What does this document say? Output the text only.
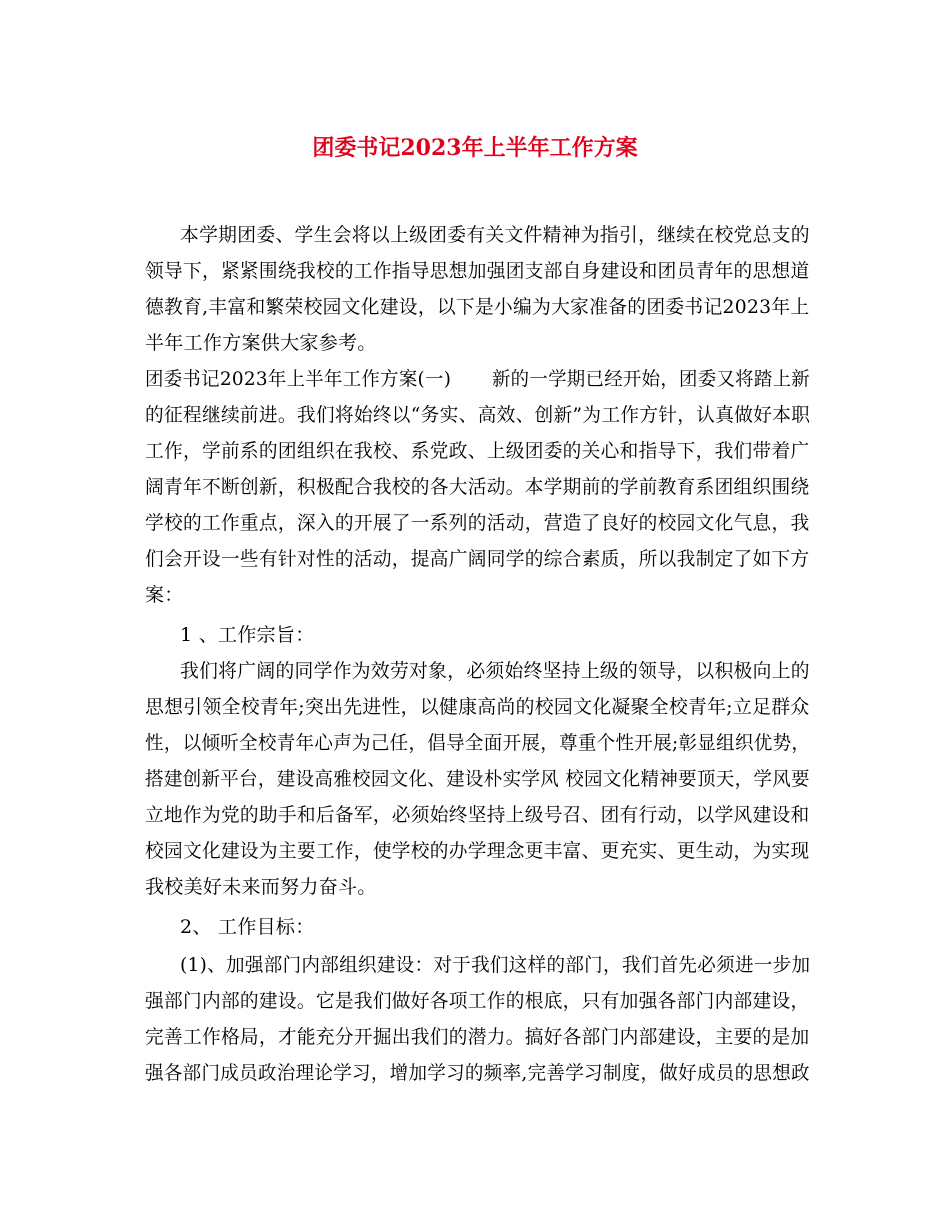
团委书记2023年上半年工作方案
本学期团委、学生会将以上级团委有关文件精神为指引，继续在校党总支的
领导下，紧紧围绕我校的工作指导思想加强团支部自身建设和团员青年的思想道
德教育,丰富和繁荣校园文化建设，以下是小编为大家准备的团委书记2023年上
半年工作方案供大家参考。
团委书记2023年上半年工作方案(一) 新的一学期已经开始，团委又将踏上新
的征程继续前进。我们将始终以“务实、高效、创新”为工作方针，认真做好本职
工作，学前系的团组织在我校、系党政、上级团委的关心和指导下，我们带着广
阔青年不断创新，积极配合我校的各大活动。本学期前的学前教育系团组织围绕
学校的工作重点，深入的开展了一系列的活动，营造了良好的校园文化气息，我
们会开设一些有针对性的活动，提高广阔同学的综合素质，所以我制定了如下方
案：
1 、工作宗旨：
我们将广阔的同学作为效劳对象，必须始终坚持上级的领导，以积极向上的
思想引领全校青年;突出先进性，以健康高尚的校园文化凝聚全校青年;立足群众
性，以倾听全校青年心声为己任，倡导全面开展，尊重个性开展;彰显组织优势，
搭建创新平台，建设高雅校园文化、建设朴实学风 校园文化精神要顶天，学风要
立地作为党的助手和后备军，必须始终坚持上级号召、团有行动，以学风建设和
校园文化建设为主要工作，使学校的办学理念更丰富、更充实、更生动，为实现
我校美好未来而努力奋斗。
2、 工作目标：
(1)、加强部门内部组织建设：对于我们这样的部门，我们首先必须进一步加
强部门内部的建设。它是我们做好各项工作的根底，只有加强各部门内部建设，
完善工作格局，才能充分开掘出我们的潜力。搞好各部门内部建设，主要的是加
强各部门成员政治理论学习，增加学习的频率,完善学习制度，做好成员的思想政
